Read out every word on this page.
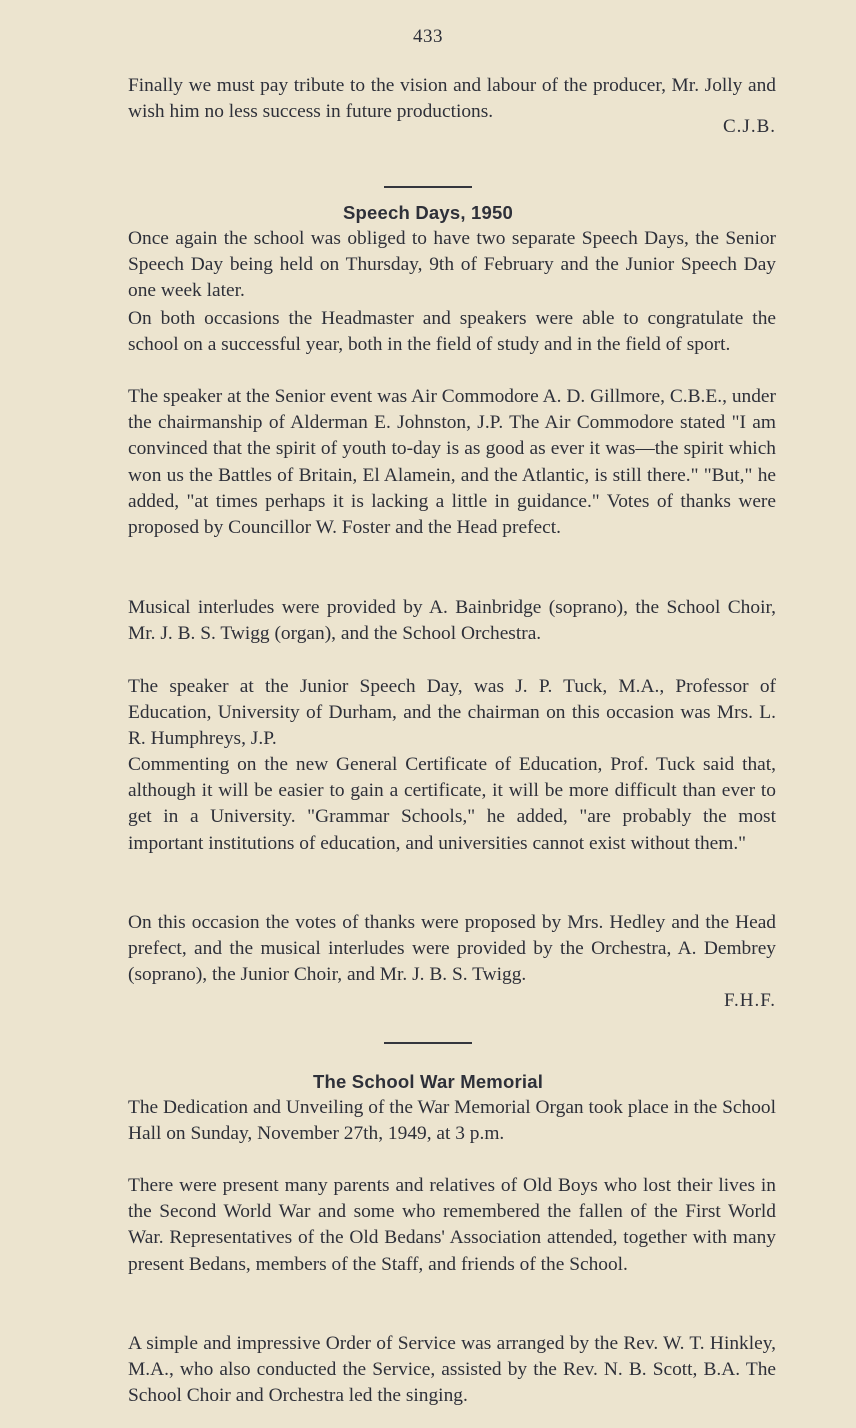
433

Finally we must pay tribute to the vision and labour of the producer, Mr. Jolly and wish him no less success in future productions.

C.J.B.
Speech Days, 1950

Once again the school was obliged to have two separate Speech Days, the Senior Speech Day being held on Thursday, 9th of February and the Junior Speech Day one week later.

On both occasions the Headmaster and speakers were able to congratulate the school on a successful year, both in the field of study and in the field of sport.

The speaker at the Senior event was Air Commodore A. D. Gillmore, C.B.E., under the chairmanship of Alderman E. Johnston, J.P. The Air Commodore stated "I am convinced that the spirit of youth to-day is as good as ever it was—the spirit which won us the Battles of Britain, El Alamein, and the Atlantic, is still there." "But," he added, "at times perhaps it is lacking a little in guidance." Votes of thanks were proposed by Councillor W. Foster and the Head prefect.

Musical interludes were provided by A. Bainbridge (soprano), the School Choir, Mr. J. B. S. Twigg (organ), and the School Orchestra.

The speaker at the Junior Speech Day, was J. P. Tuck, M.A., Professor of Education, University of Durham, and the chairman on this occasion was Mrs. L. R. Humphreys, J.P.

Commenting on the new General Certificate of Education, Prof. Tuck said that, although it will be easier to gain a certificate, it will be more difficult than ever to get in a University. "Grammar Schools," he added, "are probably the most important institutions of education, and universities cannot exist without them."

On this occasion the votes of thanks were proposed by Mrs. Hedley and the Head prefect, and the musical interludes were provided by the Orchestra, A. Dembrey (soprano), the Junior Choir, and Mr. J. B. S. Twigg.

F.H.F.
The School War Memorial

The Dedication and Unveiling of the War Memorial Organ took place in the School Hall on Sunday, November 27th, 1949, at 3 p.m.

There were present many parents and relatives of Old Boys who lost their lives in the Second World War and some who remembered the fallen of the First World War. Representatives of the Old Bedans' Association attended, together with many present Bedans, members of the Staff, and friends of the School.

A simple and impressive Order of Service was arranged by the Rev. W. T. Hinkley, M.A., who also conducted the Service, assisted by the Rev. N. B. Scott, B.A. The School Choir and Orchestra led the singing.
